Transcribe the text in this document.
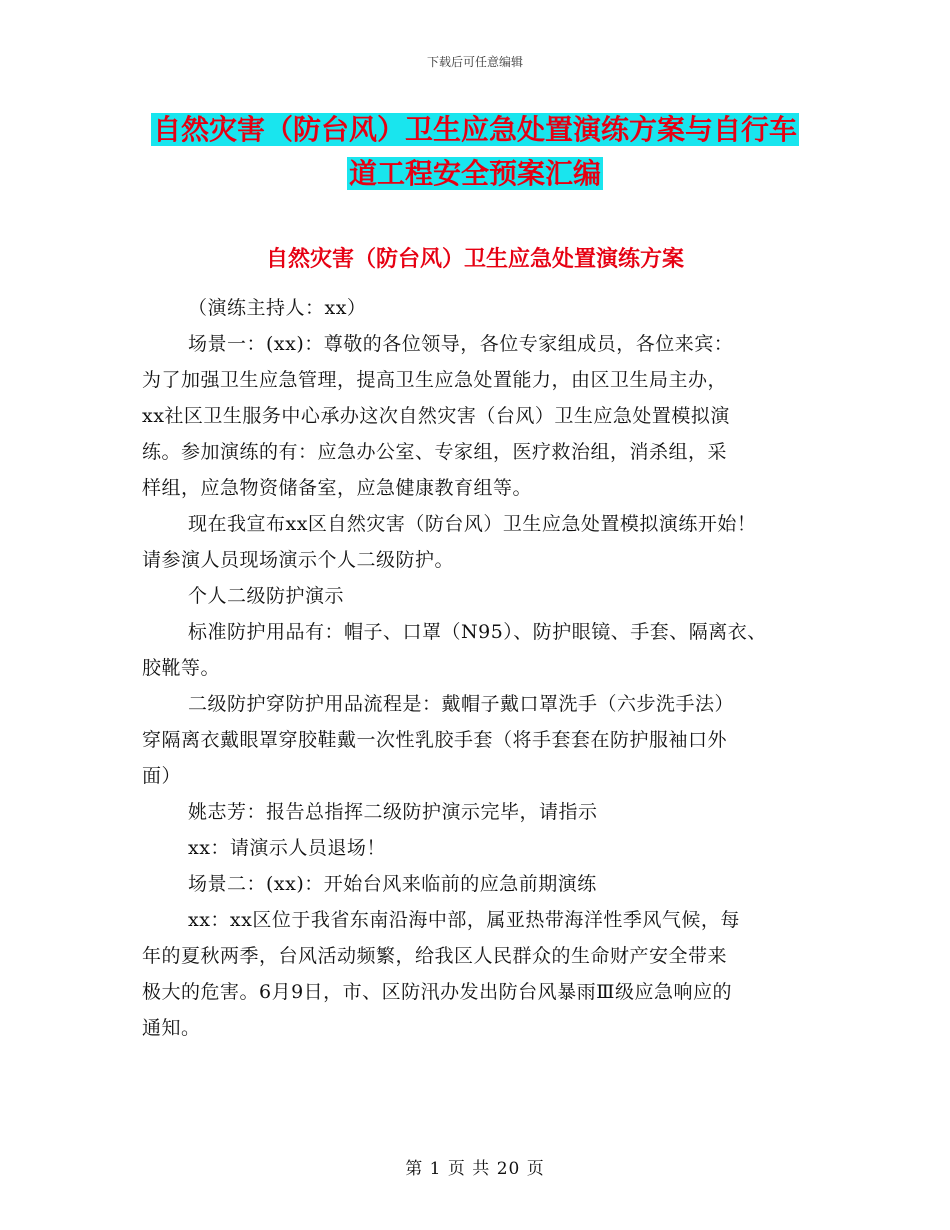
下载后可任意编辑
自然灾害（防台风）卫生应急处置演练方案与自行车
道工程安全预案汇编
自然灾害（防台风）卫生应急处置演练方案

（演练主持人：xx）

场景一：(xx)：尊敬的各位领导，各位专家组成员，各位来宾：

为了加强卫生应急管理，提高卫生应急处置能力，由区卫生局主办，

xx社区卫生服务中心承办这次自然灾害（台风）卫生应急处置模拟演

练。参加演练的有：应急办公室、专家组，医疗救治组，消杀组，采

样组，应急物资储备室，应急健康教育组等。

现在我宣布xx区自然灾害（防台风）卫生应急处置模拟演练开始！

请参演人员现场演示个人二级防护。

个人二级防护演示

标准防护用品有：帽子、口罩（N95）、防护眼镜、手套、隔离衣、

胶靴等。

二级防护穿防护用品流程是：戴帽子戴口罩洗手（六步洗手法）

穿隔离衣戴眼罩穿胶鞋戴一次性乳胶手套（将手套套在防护服袖口外

面）

姚志芳：报告总指挥二级防护演示完毕，请指示

xx：请演示人员退场！

场景二：(xx)：开始台风来临前的应急前期演练

xx：xx区位于我省东南沿海中部，属亚热带海洋性季风气候，每

年的夏秋两季，台风活动频繁，给我区人民群众的生命财产安全带来

极大的危害。6月9日，市、区防汛办发出防台风暴雨Ⅲ级应急响应的

通知。

第 1 页 共 20 页
